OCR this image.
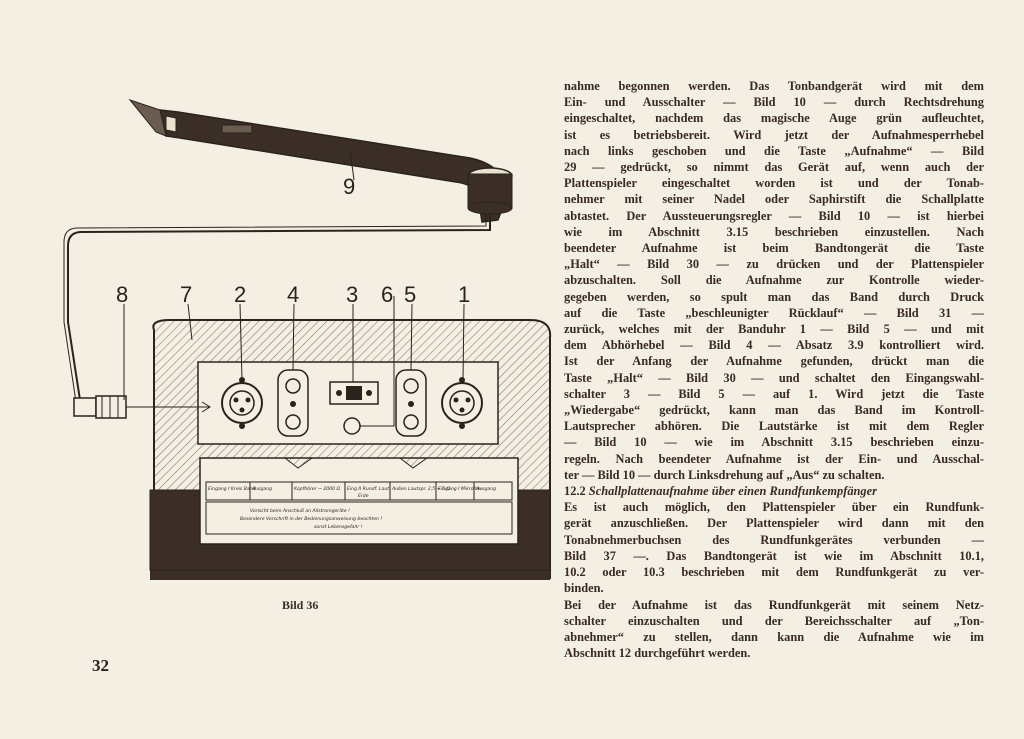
9
8 7 2 4 3 6 5 1
Eingang I Kreis Band
Ausgang	Kopfhörer ~ 2000 Ω Eing.II Rundf. Laut. Außen Lautspr. 2,5 ~ 5 Ω
Eingang I Mikrofon
Ausgang
Erde
Vorsicht beim Anschluß an Allstromgeräte !
Besondere Vorschrift in der Bedienungsanweisung beachten !
sonst Lebensgefahr !
Bild 36
32

nahme begonnen werden. Das Tonbandgerät wird mit dem
Ein- und Ausschalter — Bild 10 — durch Rechtsdrehung
eingeschaltet, nachdem das magische Auge grün aufleuchtet,
ist es betriebsbereit. Wird jetzt der Aufnahmesperrhebel
nach links geschoben und die Taste „Aufnahme“ — Bild
29 — gedrückt, so nimmt das Gerät auf, wenn auch der
Plattenspieler eingeschaltet worden ist und der Tonab-
nehmer mit seiner Nadel oder Saphirstift die Schallplatte
abtastet. Der Aussteuerungsregler — Bild 10 — ist hierbei
wie im Abschnitt 3.15 beschrieben einzustellen. Nach
beendeter Aufnahme ist beim Bandtongerät die Taste
„Halt“ — Bild 30 — zu drücken und der Plattenspieler
abzuschalten. Soll die Aufnahme zur Kontrolle wieder-
gegeben werden, so spult man das Band durch Druck
auf die Taste „beschleunigter Rücklauf“ — Bild 31 —
zurück, welches mit der Banduhr 1 — Bild 5 — und mit
dem Abhörhebel — Bild 4 — Absatz 3.9 kontrolliert wird.
Ist der Anfang der Aufnahme gefunden, drückt man die
Taste „Halt“ — Bild 30 — und schaltet den Eingangswahl-
schalter 3 — Bild 5 — auf 1. Wird jetzt die Taste
„Wiedergabe“ gedrückt, kann man das Band im Kontroll-
Lautsprecher abhören. Die Lautstärke ist mit dem Regler
— Bild 10 — wie im Abschnitt 3.15 beschrieben einzu-
regeln. Nach beendeter Aufnahme ist der Ein- und Ausschal-
ter — Bild 10 — durch Linksdrehung auf „Aus“ zu schalten.

12.2 Schallplattenaufnahme über einen Rundfunkempfänger

Es ist auch möglich, den Plattenspieler über ein Rundfunk-
gerät anzuschließen. Der Plattenspieler wird dann mit den
Tonabnehmerbuchsen des Rundfunkgerätes verbunden —
Bild 37 —. Das Bandtongerät ist wie im Abschnitt 10.1,
10.2 oder 10.3 beschrieben mit dem Rundfunkgerät zu ver-
binden.
Bei der Aufnahme ist das Rundfunkgerät mit seinem Netz-
schalter einzuschalten und der Bereichsschalter auf „Ton-
abnehmer“ zu stellen, dann kann die Aufnahme wie im
Abschnitt 12 durchgeführt werden.
